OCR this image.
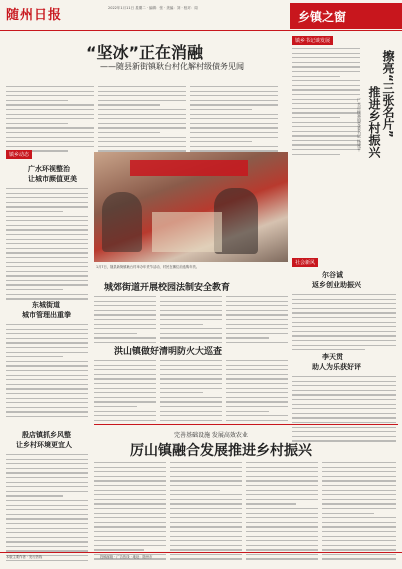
随州日报	2022年1月11日 星期二 · 编辑：张 · 美编：刘 · 校对：周
乡镇之窗
镇乡书记谈发展
“坚冰”正在消融
——随县新街镇耿台村化解村级债务见闻	擦亮“三张名片”
推进乡村振兴
广水市杨寨镇党委书记 杨建平
镇乡动态
广水环视整治
让城市颜值更美
东城街道
城市管理出重拳
殷店镇抓乡风整
让乡村环境更宜人
1月7日，随县新街镇耿台村举办年货节活动，村民在摊位前选购年货。
社会新风
尔谷诚
返乡创业助振兴
李天贯
助人为乐获好评
城郊街道开展校园法制安全教育
洪山镇做好清明防火大巡查
完善基础设施 发展高效农业
厉山镇融合发展推进乡村振兴
本版主要作者 · 发行热线	投稿邮箱 · 广告热线 · 地址：随州市
